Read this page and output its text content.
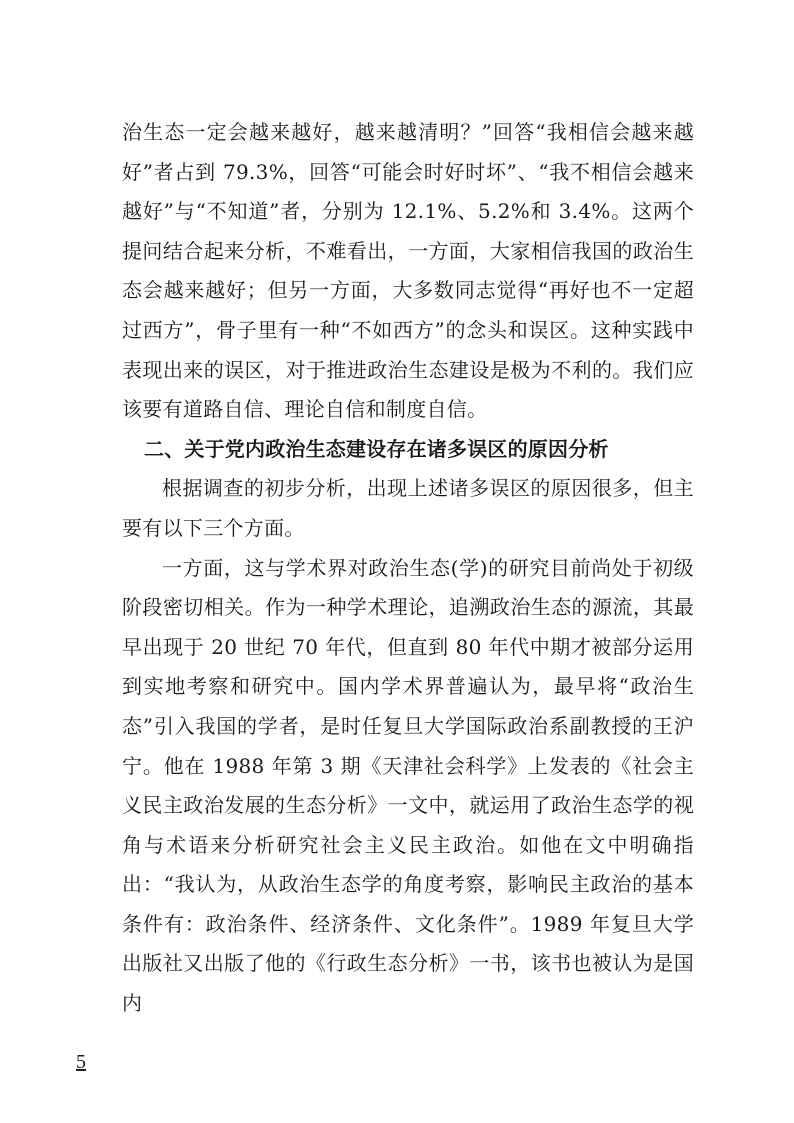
治生态一定会越来越好，越来越清明？”回答“我相信会越来越好”者占到 79.3%，回答“可能会时好时坏”、“我不相信会越来越好”与“不知道”者，分别为 12.1%、5.2%和 3.4%。这两个提问结合起来分析，不难看出，一方面，大家相信我国的政治生态会越来越好；但另一方面，大多数同志觉得“再好也不一定超过西方”，骨子里有一种“不如西方”的念头和误区。这种实践中表现出来的误区，对于推进政治生态建设是极为不利的。我们应该要有道路自信、理论自信和制度自信。

二、关于党内政治生态建设存在诸多误区的原因分析

根据调查的初步分析，出现上述诸多误区的原因很多，但主要有以下三个方面。

一方面，这与学术界对政治生态(学)的研究目前尚处于初级阶段密切相关。作为一种学术理论，追溯政治生态的源流，其最早出现于 20 世纪 70 年代，但直到 80 年代中期才被部分运用到实地考察和研究中。国内学术界普遍认为，最早将“政治生态”引入我国的学者，是时任复旦大学国际政治系副教授的王沪宁。他在 1988 年第 3 期《天津社会科学》上发表的《社会主义民主政治发展的生态分析》一文中，就运用了政治生态学的视角与术语来分析研究社会主义民主政治。如他在文中明确指出：“我认为，从政治生态学的角度考察，影响民主政治的基本条件有：政治条件、经济条件、文化条件”。1989 年复旦大学出版社又出版了他的《行政生态分析》一书，该书也被认为是国内

5
